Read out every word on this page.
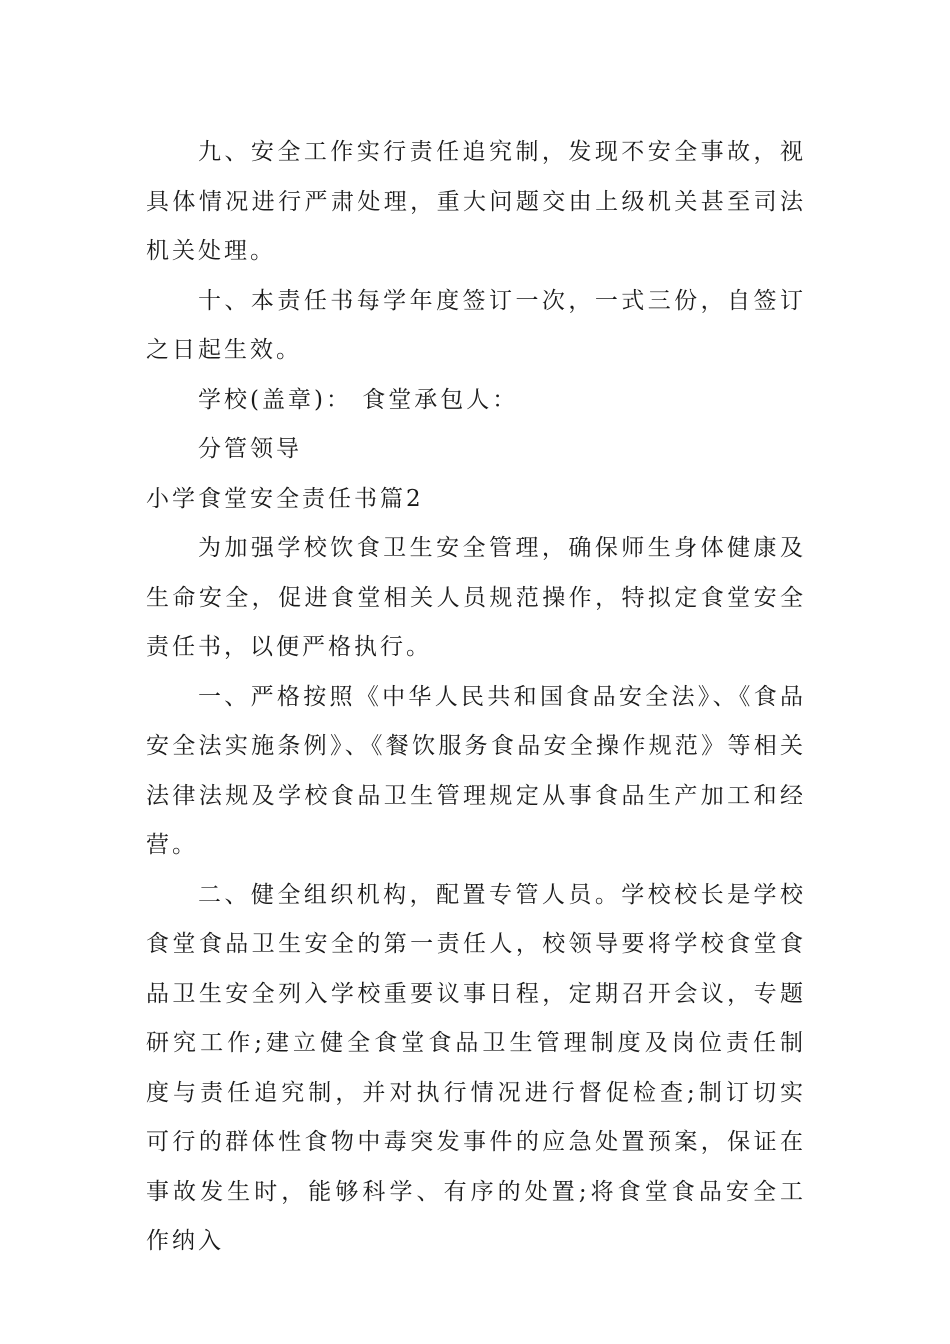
九、安全工作实行责任追究制，发现不安全事故，视具体情况进行严肃处理，重大问题交由上级机关甚至司法机关处理。

十、本责任书每学年度签订一次，一式三份，自签订之日起生效。

学校(盖章)： 食堂承包人：

分管领导

小学食堂安全责任书篇2

为加强学校饮食卫生安全管理，确保师生身体健康及生命安全，促进食堂相关人员规范操作，特拟定食堂安全责任书，以便严格执行。

一、严格按照《中华人民共和国食品安全法》、《食品安全法实施条例》、《餐饮服务食品安全操作规范》等相关法律法规及学校食品卫生管理规定从事食品生产加工和经营。

二、健全组织机构，配置专管人员。学校校长是学校食堂食品卫生安全的第一责任人，校领导要将学校食堂食品卫生安全列入学校重要议事日程，定期召开会议，专题研究工作;建立健全食堂食品卫生管理制度及岗位责任制度与责任追究制，并对执行情况进行督促检查;制订切实可行的群体性食物中毒突发事件的应急处置预案，保证在事故发生时，能够科学、有序的处置;将食堂食品安全工作纳入
